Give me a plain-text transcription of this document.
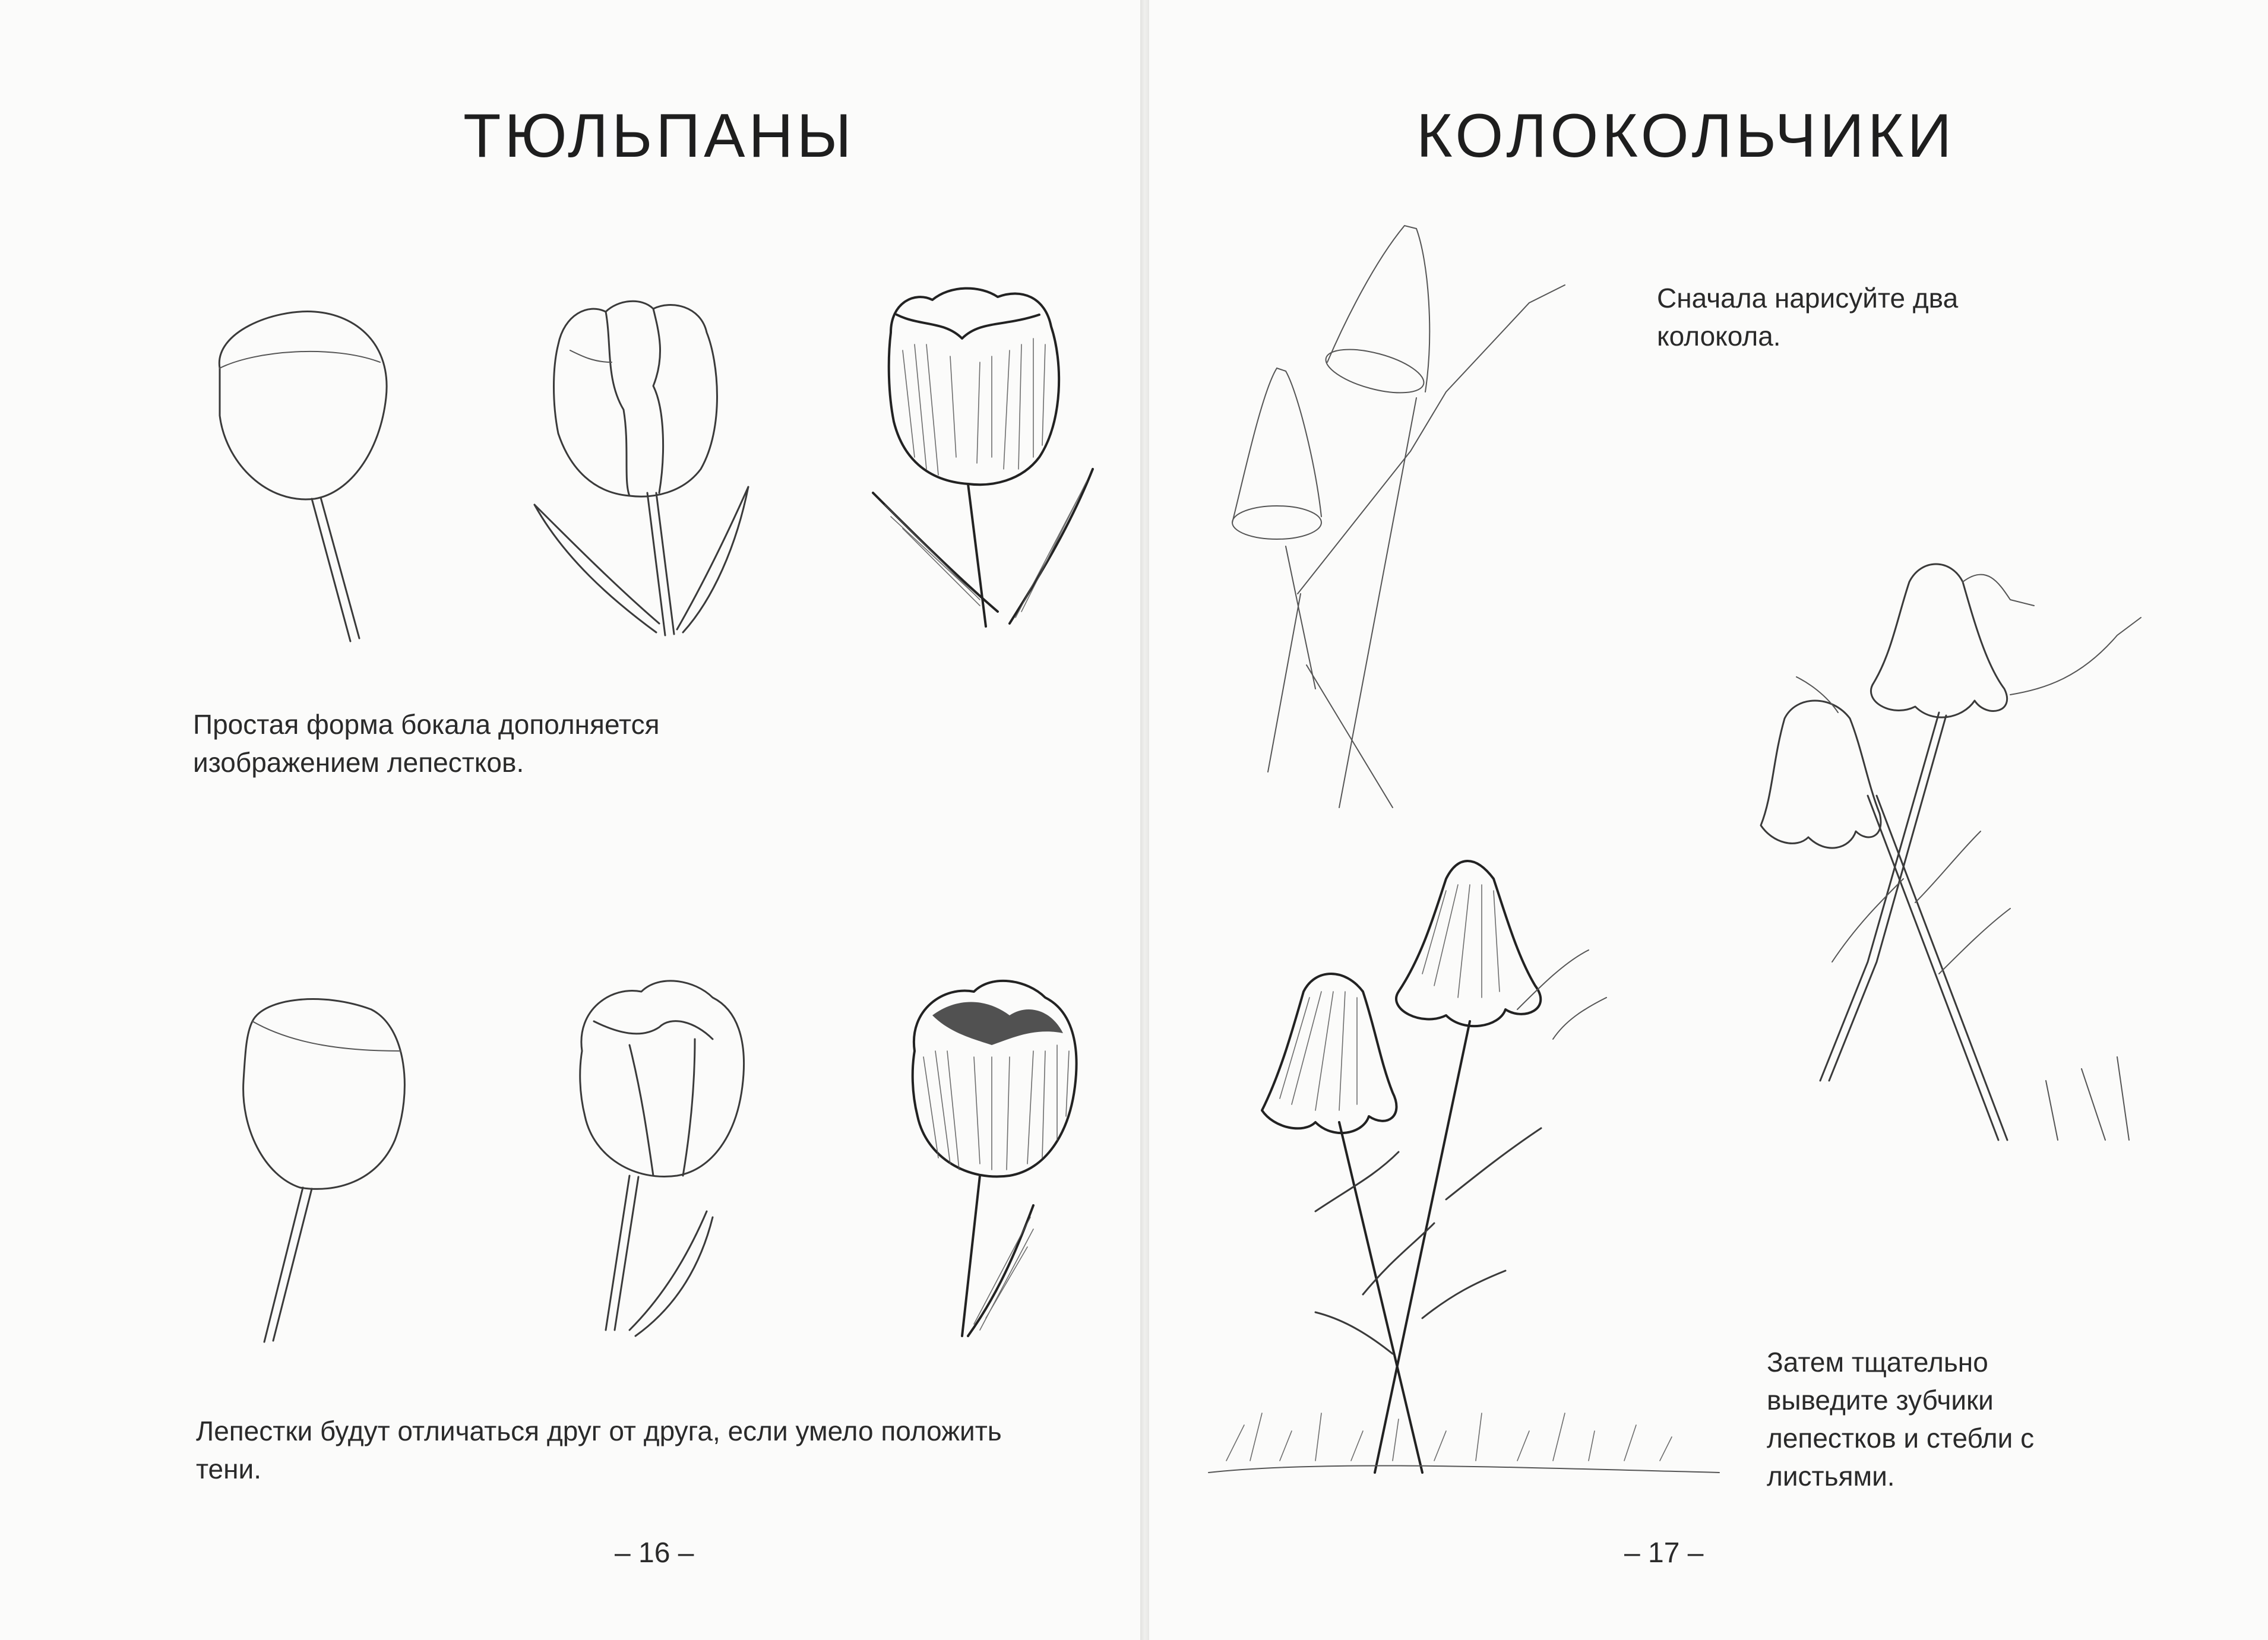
ТЮЛЬПАНЫ

Простая форма бокала дополняется изображением лепестков.

Лепестки будут отличаться друг от друга, если умело положить тени.

– 16 –
КОЛОКОЛЬЧИКИ

Сначала нарисуйте два колокола.

Затем тщательно выведите зубчики лепестков и стебли с листьями.

– 17 –
